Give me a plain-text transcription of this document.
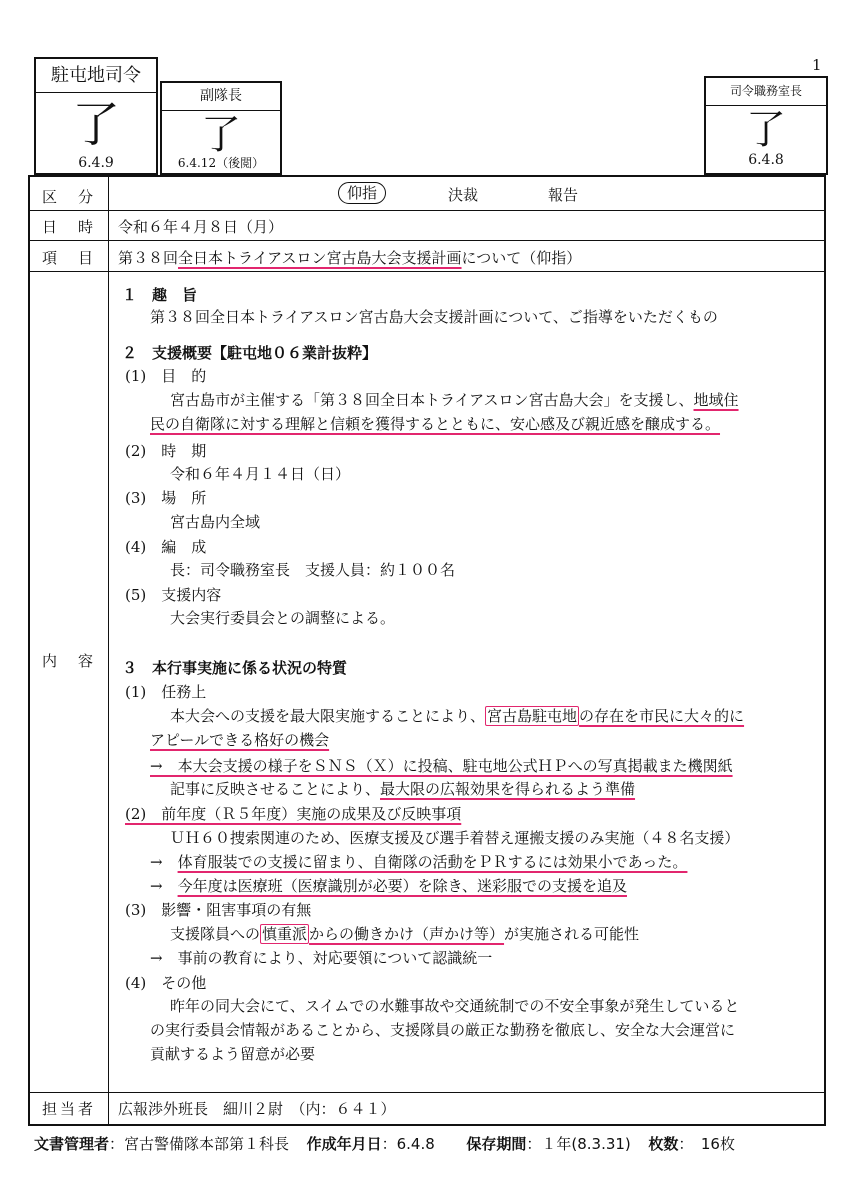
1
駐屯地司令
了
6.4.9
副隊長
了
6.4.12（後閲）
司令職務室長
了
6.4.8
区　分
日　時
項　目
内　容
担当者
仰指	決裁	報告
令和６年４月８日（月）
第３８回全日本トライアスロン宮古島大会支援計画について（仰指）
１　趣　旨
第３８回全日本トライアスロン宮古島大会支援計画について、ご指導をいただくもの
２　支援概要【駐屯地０６業計抜粋】
(1)　目　的
宮古島市が主催する「第３８回全日本トライアスロン宮古島大会」を支援し、地域住
民の自衛隊に対する理解と信頼を獲得するとともに、安心感及び親近感を醸成する。
(2)　時　期
令和６年４月１４日（日）
(3)　場　所
宮古島内全域
(4)　編　成
長：司令職務室長　支援人員：約１００名
(5)　支援内容
大会実行委員会との調整による。
３　本行事実施に係る状況の特質
(1)　任務上
本大会への支援を最大限実施することにより、 宮古島駐屯地 の存在を市民に大々的に
アピールできる格好の機会
→　本大会支援の様子をＳＮＳ（Ｘ）に投稿、駐屯地公式ＨＰへの写真掲載また機関紙
記事に反映させることにより、最大限の広報効果を得られるよう準備
(2)　前年度（Ｒ５年度）実施の成果及び反映事項
ＵＨ６０捜索関連のため、医療支援及び選手着替え運搬支援のみ実施（４８名支援）
→　体育服装での支援に留まり、自衛隊の活動をＰＲするには効果小であった。
→　今年度は医療班（医療識別が必要）を除き、迷彩服での支援を追及
(3)　影響・阻害事項の有無
支援隊員への 慎重派 からの働きかけ（声かけ等）が実施される可能性
→　事前の教育により、対応要領について認識統一
(4)　その他
昨年の同大会にて、スイムでの水難事故や交通統制での不安全事象が発生していると
の実行委員会情報があることから、支援隊員の厳正な勤務を徹底し、安全な大会運営に
貢献するよう留意が必要
広報渉外班長　細川２尉　（内：６４１）
文書管理者：宮古警備隊本部第１科長 作成年月日：6.4.8 保存期間：１年(8.3.31) 枚数：　16枚
